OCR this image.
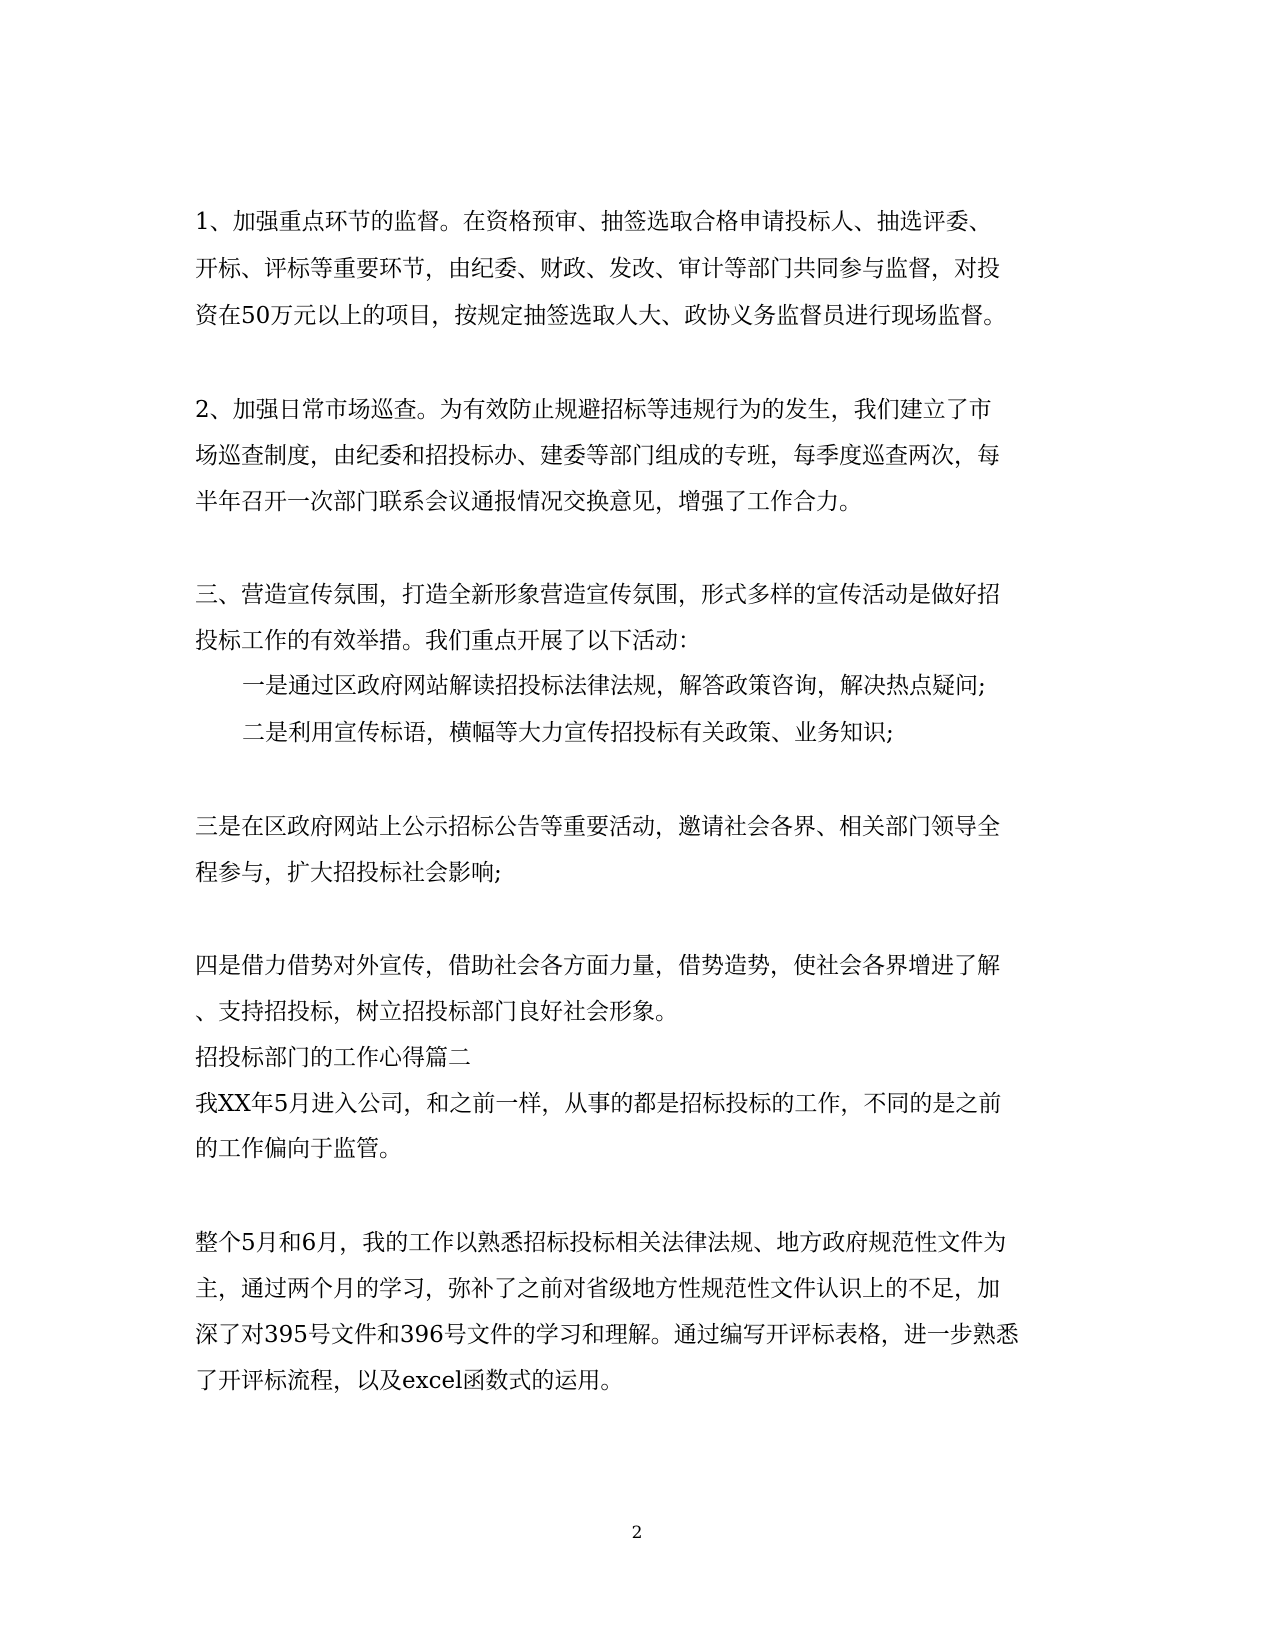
1、加强重点环节的监督。在资格预审、抽签选取合格申请投标人、抽选评委、

开标、评标等重要环节，由纪委、财政、发改、审计等部门共同参与监督，对投

资在50万元以上的项目，按规定抽签选取人大、政协义务监督员进行现场监督。

2、加强日常市场巡查。为有效防止规避招标等违规行为的发生，我们建立了市

场巡查制度，由纪委和招投标办、建委等部门组成的专班，每季度巡查两次，每

半年召开一次部门联系会议通报情况交换意见，增强了工作合力。

三、营造宣传氛围，打造全新形象营造宣传氛围，形式多样的宣传活动是做好招

投标工作的有效举措。我们重点开展了以下活动：

一是通过区政府网站解读招投标法律法规，解答政策咨询，解决热点疑问;

二是利用宣传标语，横幅等大力宣传招投标有关政策、业务知识;

三是在区政府网站上公示招标公告等重要活动，邀请社会各界、相关部门领导全

程参与，扩大招投标社会影响;

四是借力借势对外宣传，借助社会各方面力量，借势造势，使社会各界增进了解

、支持招投标，树立招投标部门良好社会形象。

招投标部门的工作心得篇二

我XX年5月进入公司，和之前一样，从事的都是招标投标的工作，不同的是之前

的工作偏向于监管。

整个5月和6月，我的工作以熟悉招标投标相关法律法规、地方政府规范性文件为

主，通过两个月的学习，弥补了之前对省级地方性规范性文件认识上的不足，加

深了对395号文件和396号文件的学习和理解。通过编写开评标表格，进一步熟悉

了开评标流程，以及excel函数式的运用。

2
